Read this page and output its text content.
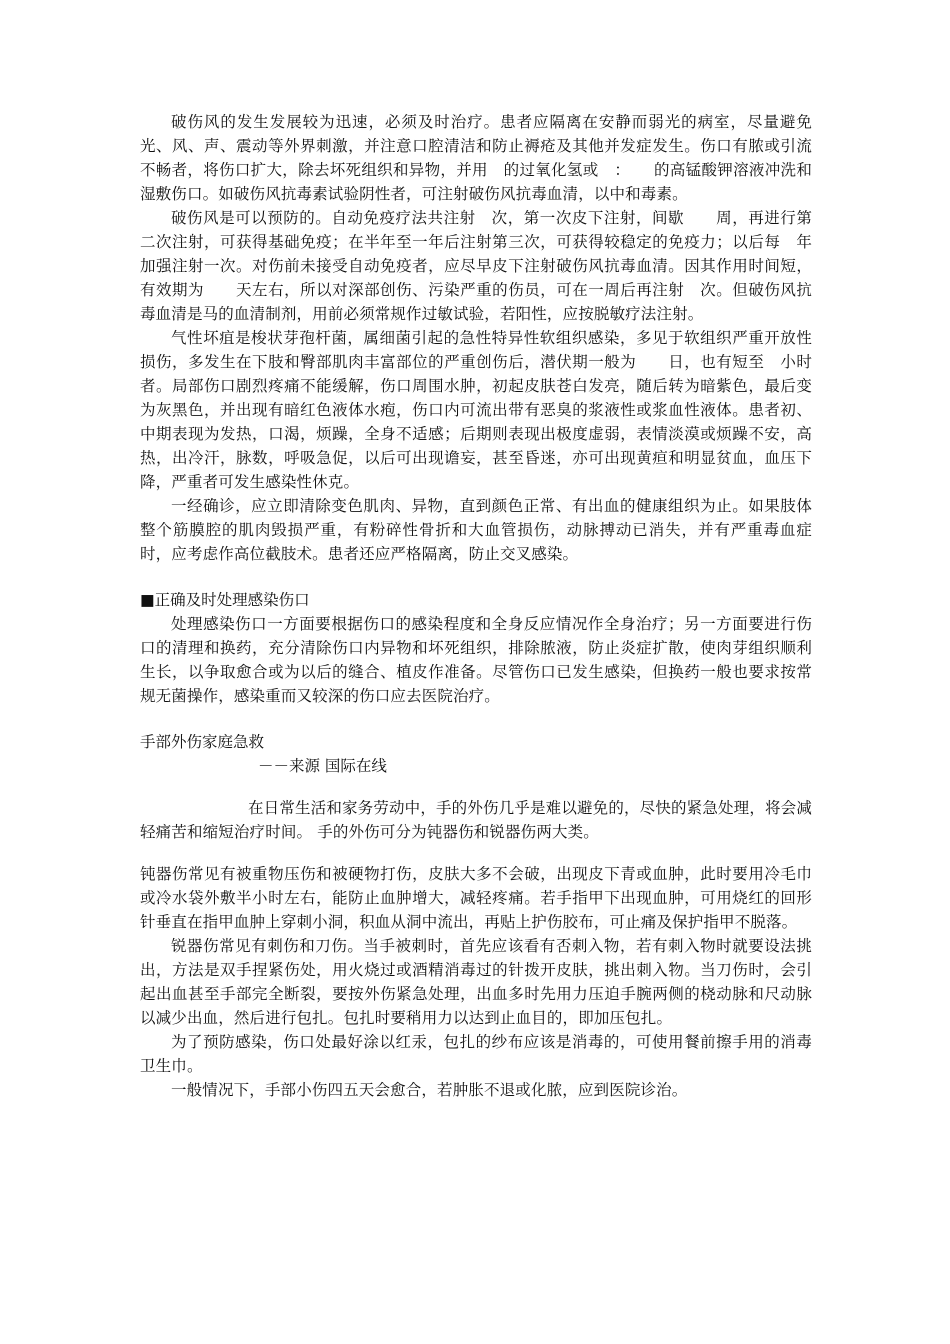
破伤风的发生发展较为迅速，必须及时治疗。患者应隔离在安静而弱光的病室，尽量避免光、风、声、震动等外界刺激，并注意口腔清洁和防止褥疮及其他并发症发生。伤口有脓或引流不畅者，将伤口扩大，除去坏死组织和异物，并用　的过氧化氢或　：　　的高锰酸钾溶液冲洗和湿敷伤口。如破伤风抗毒素试验阴性者，可注射破伤风抗毒血清，以中和毒素。

破伤风是可以预防的。自动免疫疗法共注射　次，第一次皮下注射，间歇　　周，再进行第二次注射，可获得基础免疫；在半年至一年后注射第三次，可获得较稳定的免疫力；以后每　年加强注射一次。对伤前未接受自动免疫者，应尽早皮下注射破伤风抗毒血清。因其作用时间短，有效期为　　天左右，所以对深部创伤、污染严重的伤员，可在一周后再注射　次。但破伤风抗毒血清是马的血清制剂，用前必须常规作过敏试验，若阳性，应按脱敏疗法注射。

气性坏疽是梭状芽孢杆菌，属细菌引起的急性特异性软组织感染，多见于软组织严重开放性损伤，多发生在下肢和臀部肌肉丰富部位的严重创伤后，潜伏期一般为　　日，也有短至　小时者。局部伤口剧烈疼痛不能缓解，伤口周围水肿，初起皮肤苍白发亮，随后转为暗紫色，最后变为灰黑色，并出现有暗红色液体水疱，伤口内可流出带有恶臭的浆液性或浆血性液体。患者初、中期表现为发热，口渴，烦躁，全身不适感；后期则表现出极度虚弱，表情淡漠或烦躁不安，高热，出冷汗，脉数，呼吸急促，以后可出现谵妄，甚至昏迷，亦可出现黄疸和明显贫血，血压下降，严重者可发生感染性休克。

一经确诊，应立即清除变色肌肉、异物，直到颜色正常、有出血的健康组织为止。如果肢体整个筋膜腔的肌肉毁损严重，有粉碎性骨折和大血管损伤，动脉搏动已消失，并有严重毒血症时，应考虑作高位截肢术。患者还应严格隔离，防止交叉感染。

■正确及时处理感染伤口

处理感染伤口一方面要根据伤口的感染程度和全身反应情况作全身治疗；另一方面要进行伤口的清理和换药，充分清除伤口内异物和坏死组织，排除脓液，防止炎症扩散，使肉芽组织顺利生长，以争取愈合或为以后的缝合、植皮作准备。尽管伤口已发生感染，但换药一般也要求按常规无菌操作，感染重而又较深的伤口应去医院治疗。

手部外伤家庭急救

－－来源 国际在线

在日常生活和家务劳动中，手的外伤几乎是难以避免的，尽快的紧急处理，将会减轻痛苦和缩短治疗时间。 手的外伤可分为钝器伤和锐器伤两大类。

钝器伤常见有被重物压伤和被硬物打伤，皮肤大多不会破，出现皮下青或血肿，此时要用冷毛巾或冷水袋外敷半小时左右，能防止血肿增大，减轻疼痛。若手指甲下出现血肿，可用烧红的回形针垂直在指甲血肿上穿刺小洞，积血从洞中流出，再贴上护伤胶布，可止痛及保护指甲不脱落。

锐器伤常见有刺伤和刀伤。当手被刺时，首先应该看有否刺入物，若有刺入物时就要设法挑出，方法是双手捏紧伤处，用火烧过或酒精消毒过的针拨开皮肤，挑出刺入物。当刀伤时，会引起出血甚至手部完全断裂，要按外伤紧急处理，出血多时先用力压迫手腕两侧的桡动脉和尺动脉以减少出血，然后进行包扎。包扎时要稍用力以达到止血目的，即加压包扎。

为了预防感染，伤口处最好涂以红汞，包扎的纱布应该是消毒的，可使用餐前擦手用的消毒卫生巾。

一般情况下，手部小伤四五天会愈合，若肿胀不退或化脓，应到医院诊治。
